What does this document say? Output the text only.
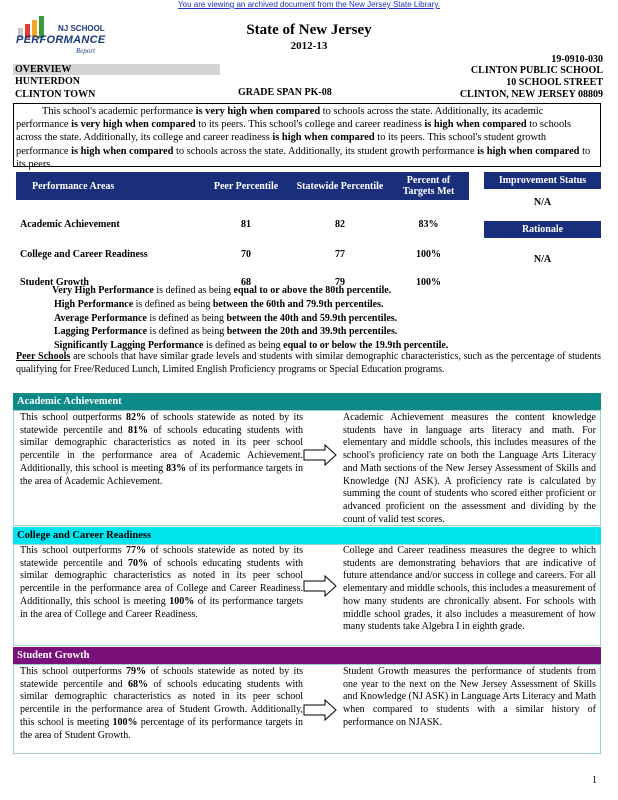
You are viewing an archived document from the New Jersey State Library.
NJ SCHOOL
PERFORMANCE
Report
State of New Jersey
2012-13
19-0910-030
OVERVIEW
HUNTERDON
CLINTON TOWN	GRADE SPAN PK-08
CLINTON PUBLIC SCHOOL
10 SCHOOL STREET
CLINTON, NEW JERSEY 08809
This school's academic performance is very high when compared to schools across the state. Additionally, its academic performance is very high when compared to its peers. This school's college and career readiness is high when compared to schools across the state. Additionally, its college and career readiness is high when compared to its peers. This school's student growth performance is high when compared to schools across the state. Additionally, its student growth performance is high when compared to its peers.
Performance Areas	Peer Percentile	Statewide Percentile	Percent of Targets Met
Academic Achievement	81	82	83%
College and Career Readiness	70	77	100%
Student Growth	68	79	100%
Improvement Status
N/A
Rationale
N/A
Very High Performance is defined as being equal to or above the 80th percentile.
High Performance is defined as being between the 60th and 79.9th percentiles.
Average Performance is defined as being between the 40th and 59.9th percentiles.
Lagging Performance is defined as being between the 20th and 39.9th percentiles.
Significantly Lagging Performance is defined as being equal to or below the 19.9th percentile.
Peer Schools are schools that have similar grade levels and students with similar demographic characteristics, such as the percentage of students qualifying for Free/Reduced Lunch, Limited English Proficiency programs or Special Education programs.
Academic Achievement
This school outperforms 82% of schools statewide as noted by its statewide percentile and 81% of schools educating students with similar demographic characteristics as noted in its peer school percentile in the performance area of Academic Achievement. Additionally, this school is meeting 83% of its performance targets in the area of Academic Achievement.
Academic Achievement measures the content knowledge students have in language arts literacy and math. For elementary and middle schools, this includes measures of the school's proficiency rate on both the Language Arts Literacy and Math sections of the New Jersey Assessment of Skills and Knowledge (NJ ASK). A proficiency rate is calculated by summing the count of students who scored either proficient or advanced proficient on the assessment and dividing by the count of valid test scores.
College and Career Readiness
This school outperforms 77% of schools statewide as noted by its statewide percentile and 70% of schools educating students with similar demographic characteristics as noted in its peer school percentile in the performance area of College and Career Readiness. Additionally, this school is meeting 100% of its performance targets in the area of College and Career Readiness.
College and Career readiness measures the degree to which students are demonstrating behaviors that are indicative of future attendance and/or success in college and careers. For all elementary and middle schools, this includes a measurement of how many students are chronically absent. For schools with middle school grades, it also includes a measurement of how many students take Algebra I in eighth grade.
Student Growth
This school outperforms 79% of schools statewide as noted by its statewide percentile and 68% of schools educating students with similar demographic characteristics as noted in its peer school percentile in the performance area of Student Growth. Additionally, this school is meeting 100% percentage of its performance targets in the area of Student Growth.
Student Growth measures the performance of students from one year to the next on the New Jersey Assessment of Skills and Knowledge (NJ ASK) in Language Arts Literacy and Math when compared to students with a similar history of performance on NJASK.
1
